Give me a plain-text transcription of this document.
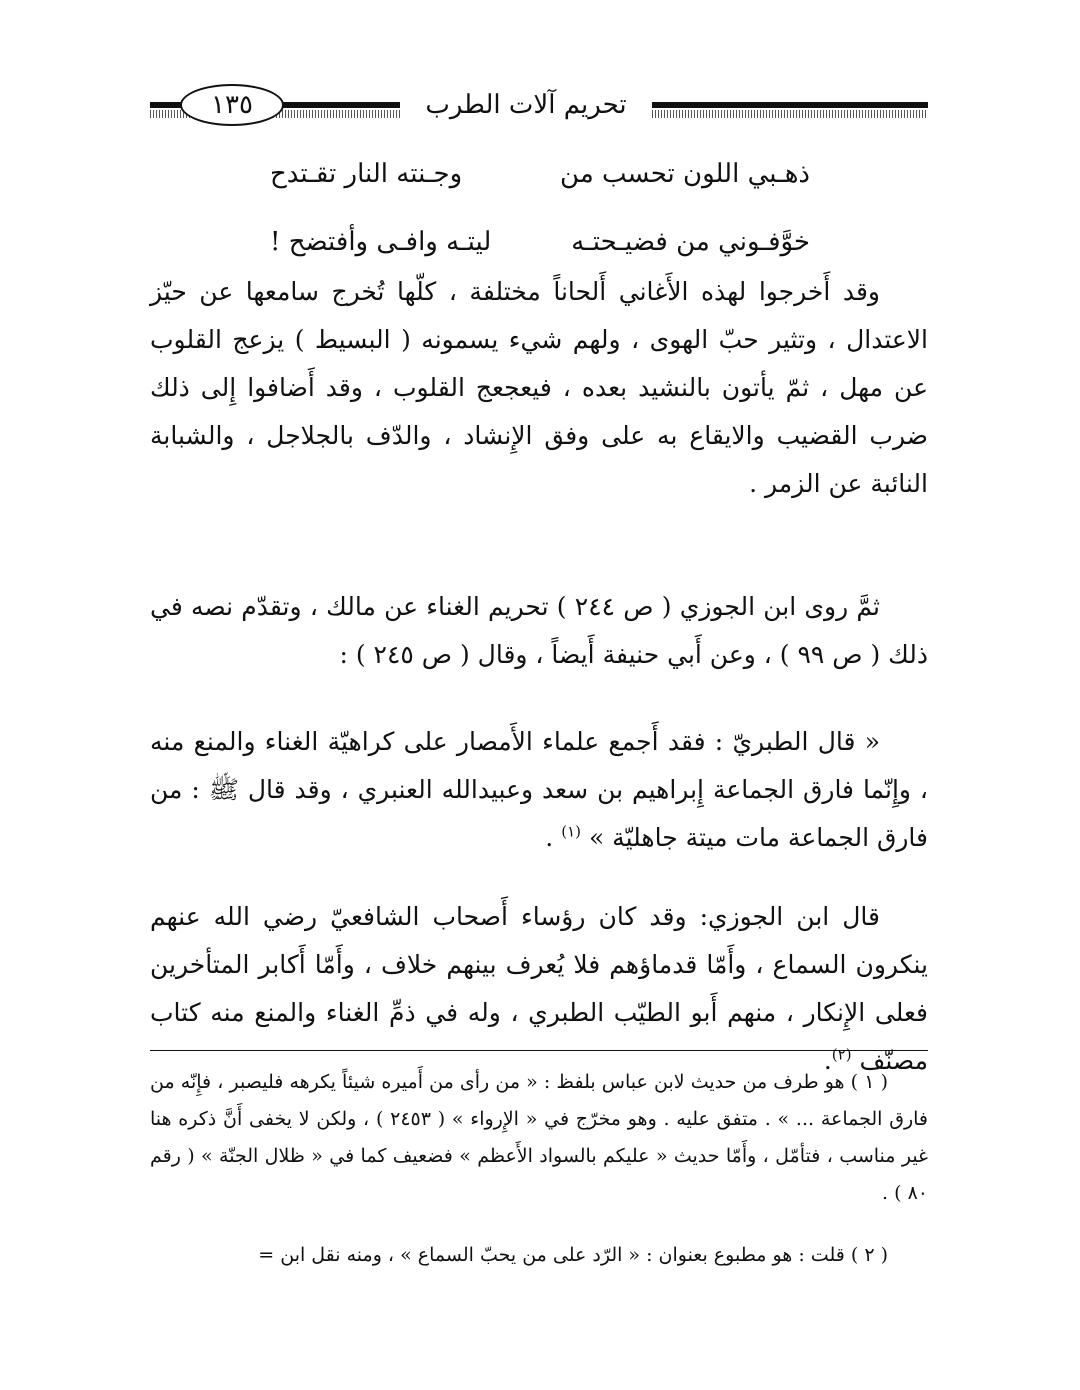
١٣٥	تحريم آلات الطرب
ذهـبي اللون تحسب من
وجـنته النار تقـتدح
خوَّفـوني من فضيـحتـه
ليتـه وافـى وأفتضح !

وقد أَخرجوا لهذه الأَغاني أَلحاناً مختلفة ، كلّها تُخرج سامعها عن حيّز الاعتدال ، وتثير حبّ الهوى ، ولهم شيء يسمونه ( البسيط ) يزعج القلوب عن مهل ، ثمّ يأتون بالنشيد بعده ، فيعجعج القلوب ، وقد أَضافوا إِلى ذلك ضرب القضيب والايقاع به على وفق الإِنشاد ، والدّف بالجلاجل ، والشبابة النائبة عن الزمر .

ثمَّ روى ابن الجوزي ( ص ٢٤٤ ) تحريم الغناء عن مالك ، وتقدّم نصه في ذلك ( ص ٩٩ ) ، وعن أَبي حنيفة أَيضاً ، وقال ( ص ٢٤٥ ) :

« قال الطبريّ : فقد أَجمع علماء الأَمصار على كراهيّة الغناء والمنع منه ، وإِنّما فارق الجماعة إِبراهيم بن سعد وعبيدالله العنبري ، وقد قال ﷺ : من فارق الجماعة مات ميتة جاهليّة » $^{(١)}$ .

قال ابن الجوزي: وقد كان رؤساء أَصحاب الشافعيّ رضي الله عنهم ينكرون السماع ، وأَمّا قدماؤهم فلا يُعرف بينهم خلاف ، وأَمّا أَكابر المتأخرين فعلى الإِنكار ، منهم أَبو الطيّب الطبري ، وله في ذمِّ الغناء والمنع منه كتاب مصنّف $^{(٢)}$.

( ١ ) هو طرف من حديث لابن عباس بلفظ : « من رأى من أَميره شيئاً يكرهه فليصبر ، فإِنّه من فارق الجماعة ... » . متفق عليه . وهو مخرّج في « الإِرواء » ( ٢٤٥٣ ) ، ولكن لا يخفى أَنَّ ذكره هنا غير مناسب ، فتأمّل ، وأَمّا حديث « عليكم بالسواد الأَعظم » فضعيف كما في « ظلال الجنّة » ( رقم ٨٠ ) .

( ٢ ) قلت : هو مطبوع بعنوان : « الرّد على من يحبّ السماع » ، ومنه نقل ابن =
